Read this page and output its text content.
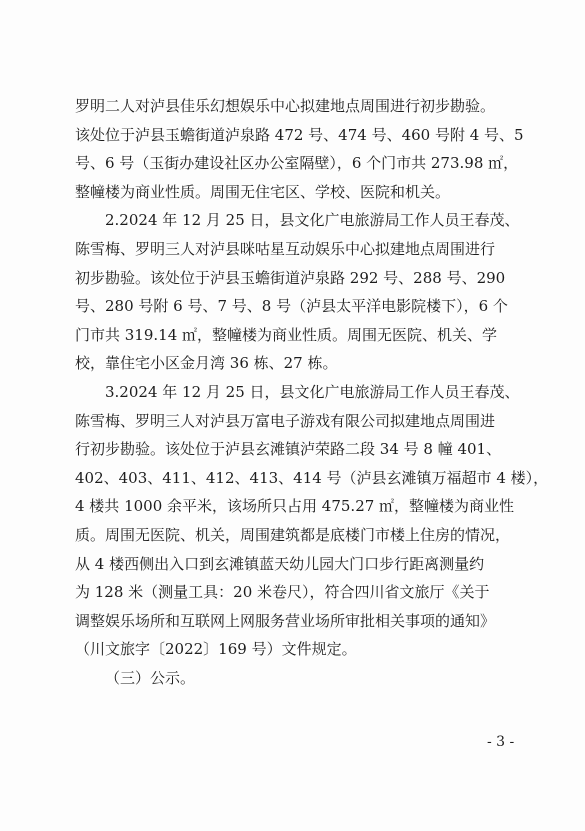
罗明二人对泸县佳乐幻想娱乐中心拟建地点周围进行初步勘验。
该处位于泸县玉蟾街道泸泉路 472 号、474 号、460 号附 4 号、5
号、6 号（玉街办建设社区办公室隔壁），6 个门市共 273.98 ㎡，
整幢楼为商业性质。周围无住宅区、学校、医院和机关。
2.2024 年 12 月 25 日，县文化广电旅游局工作人员王春茂、
陈雪梅、罗明三人对泸县咪咕星互动娱乐中心拟建地点周围进行
初步勘验。该处位于泸县玉蟾街道泸泉路 292 号、288 号、290
号、280 号附 6 号、7 号、8 号（泸县太平洋电影院楼下），6 个
门市共 319.14 ㎡，整幢楼为商业性质。周围无医院、机关、学
校，靠住宅小区金月湾 36 栋、27 栋。
3.2024 年 12 月 25 日，县文化广电旅游局工作人员王春茂、
陈雪梅、罗明三人对泸县万富电子游戏有限公司拟建地点周围进
行初步勘验。该处位于泸县玄滩镇泸荣路二段 34 号 8 幢 401、
402、403、411、412、413、414 号（泸县玄滩镇万福超市 4 楼），
4 楼共 1000 余平米，该场所只占用 475.27 ㎡，整幢楼为商业性
质。周围无医院、机关，周围建筑都是底楼门市楼上住房的情况，
从 4 楼西侧出入口到玄滩镇蓝天幼儿园大门口步行距离测量约
为 128 米（测量工具：20 米卷尺），符合四川省文旅厅《关于
调整娱乐场所和互联网上网服务营业场所审批相关事项的通知》
（川文旅字〔2022〕169 号）文件规定。
（三）公示。
- 3 -
